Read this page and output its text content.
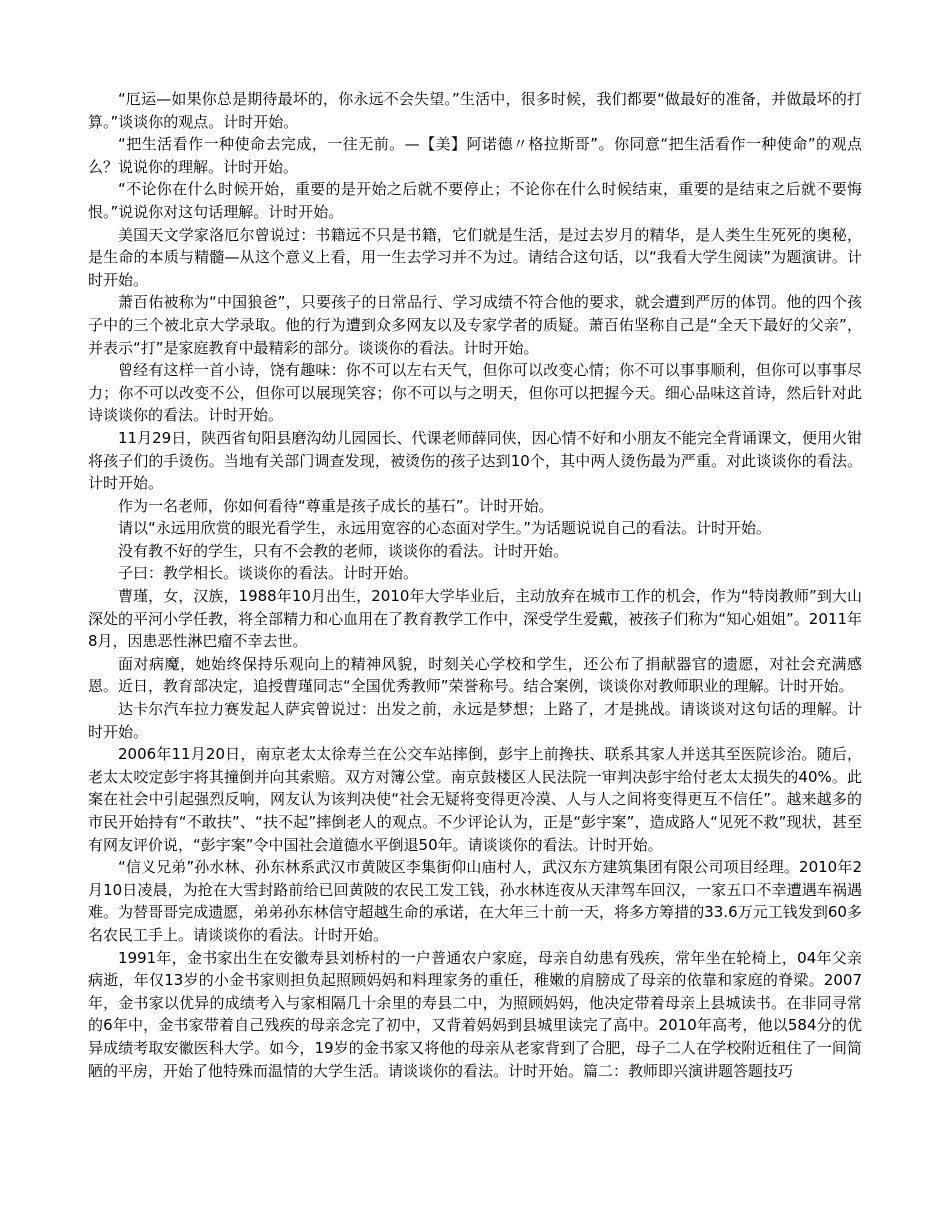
“厄运—如果你总是期待最坏的，你永远不会失望。”生活中，很多时候，我们都要“做最好的准备，并做最坏的打算。”谈谈你的观点。计时开始。

“把生活看作一种使命去完成，一往无前。—【美】阿诺德〃格拉斯哥”。你同意“把生活看作一种使命”的观点么？说说你的理解。计时开始。

“不论你在什么时候开始，重要的是开始之后就不要停止；不论你在什么时候结束，重要的是结束之后就不要悔恨。”说说你对这句话理解。计时开始。

美国天文学家洛厄尔曾说过：书籍远不只是书籍，它们就是生活，是过去岁月的精华，是人类生生死死的奥秘，是生命的本质与精髓—从这个意义上看，用一生去学习并不为过。请结合这句话，以“我看大学生阅读”为题演讲。计时开始。

萧百佑被称为“中国狼爸”，只要孩子的日常品行、学习成绩不符合他的要求，就会遭到严厉的体罚。他的四个孩子中的三个被北京大学录取。他的行为遭到众多网友以及专家学者的质疑。萧百佑坚称自己是“全天下最好的父亲”，并表示“打”是家庭教育中最精彩的部分。谈谈你的看法。计时开始。

曾经有这样一首小诗，饶有趣味：你不可以左右天气，但你可以改变心情；你不可以事事顺利，但你可以事事尽力；你不可以改变不公，但你可以展现笑容；你不可以与之明天，但你可以把握今天。细心品味这首诗，然后针对此诗谈谈你的看法。计时开始。

11月29日，陕西省旬阳县磨沟幼儿园园长、代课老师薛同侠，因心情不好和小朋友不能完全背诵课文，便用火钳将孩子们的手烫伤。当地有关部门调查发现，被烫伤的孩子达到10个，其中两人烫伤最为严重。对此谈谈你的看法。计时开始。

作为一名老师，你如何看待“尊重是孩子成长的基石”。计时开始。

请以“永远用欣赏的眼光看学生，永远用宽容的心态面对学生。”为话题说说自己的看法。计时开始。

没有教不好的学生，只有不会教的老师，谈谈你的看法。计时开始。

子曰：教学相长。谈谈你的看法。计时开始。

曹瑾，女，汉族，1988年10月出生，2010年大学毕业后，主动放弃在城市工作的机会，作为“特岗教师”到大山深处的平河小学任教，将全部精力和心血用在了教育教学工作中，深受学生爱戴，被孩子们称为“知心姐姐”。2011年8月，因患恶性淋巴瘤不幸去世。

面对病魔，她始终保持乐观向上的精神风貌，时刻关心学校和学生，还公布了捐献器官的遗愿，对社会充满感恩。近日，教育部决定，追授曹瑾同志“全国优秀教师”荣誉称号。结合案例，谈谈你对教师职业的理解。计时开始。

达卡尔汽车拉力赛发起人萨宾曾说过：出发之前，永远是梦想；上路了，才是挑战。请谈谈对这句话的理解。计时开始。

2006年11月20日，南京老太太徐寿兰在公交车站摔倒，彭宇上前搀扶、联系其家人并送其至医院诊治。随后，老太太咬定彭宇将其撞倒并向其索赔。双方对簿公堂。南京鼓楼区人民法院一审判决彭宇给付老太太损失的40%。此案在社会中引起强烈反响，网友认为该判决使“社会无疑将变得更冷漠、人与人之间将变得更互不信任”。越来越多的市民开始持有“不敢扶”、“扶不起”摔倒老人的观点。不少评论认为，正是“彭宇案”，造成路人“见死不救”现状，甚至有网友评价说，“彭宇案”令中国社会道德水平倒退50年。请谈谈你的看法。计时开始。

“信义兄弟”孙水林、孙东林系武汉市黄陂区李集街仰山庙村人，武汉东方建筑集团有限公司项目经理。2010年2月10日凌晨，为抢在大雪封路前给已回黄陂的农民工发工钱，孙水林连夜从天津驾车回汉，一家五口不幸遭遇车祸遇难。为替哥哥完成遗愿，弟弟孙东林信守超越生命的承诺，在大年三十前一天，将多方筹措的33.6万元工钱发到60多名农民工手上。请谈谈你的看法。计时开始。

1991年，金书家出生在安徽寿县刘桥村的一户普通农户家庭，母亲自幼患有残疾，常年坐在轮椅上，04年父亲病逝，年仅13岁的小金书家则担负起照顾妈妈和料理家务的重任，稚嫩的肩膀成了母亲的依靠和家庭的脊梁。2007年，金书家以优异的成绩考入与家相隔几十余里的寿县二中，为照顾妈妈，他决定带着母亲上县城读书。在非同寻常的6年中，金书家带着自己残疾的母亲念完了初中，又背着妈妈到县城里读完了高中。2010年高考，他以584分的优异成绩考取安徽医科大学。如今，19岁的金书家又将他的母亲从老家背到了合肥，母子二人在学校附近租住了一间简陋的平房，开始了他特殊而温情的大学生活。请谈谈你的看法。计时开始。篇二：教师即兴演讲题答题技巧
